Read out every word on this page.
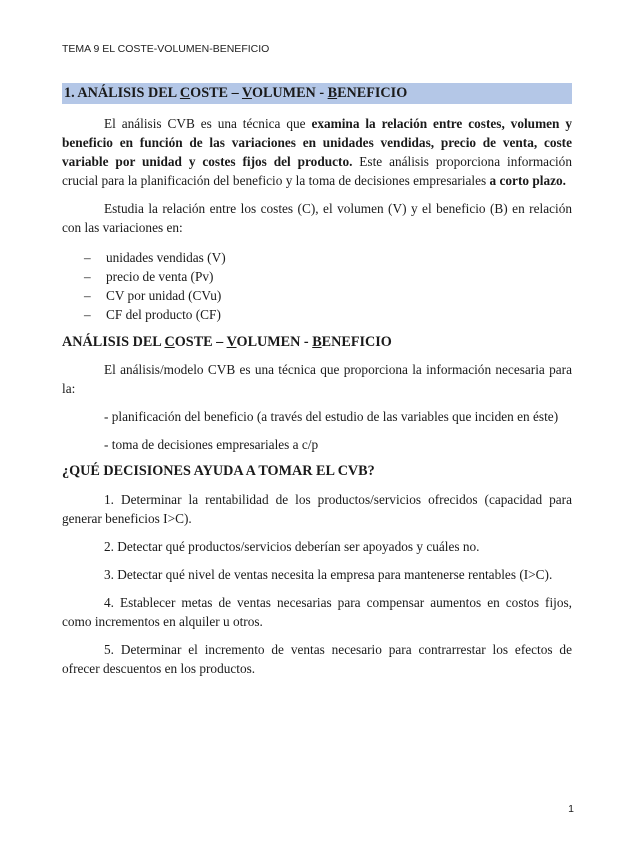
TEMA 9 EL COSTE-VOLUMEN-BENEFICIO
1. ANÁLISIS DEL COSTE – VOLUMEN - BENEFICIO

El análisis CVB es una técnica que examina la relación entre costes, volumen y beneficio en función de las variaciones en unidades vendidas, precio de venta, coste variable por unidad y costes fijos del producto. Este análisis proporciona información crucial para la planificación del beneficio y la toma de decisiones empresariales a corto plazo.

Estudia la relación entre los costes (C), el volumen (V) y el beneficio (B) en relación con las variaciones en:

– unidades vendidas (V)
– precio de venta (Pv)
– CV por unidad (CVu)
– CF del producto (CF)

ANÁLISIS DEL COSTE – VOLUMEN - BENEFICIO

El análisis/modelo CVB es una técnica que proporciona la información necesaria para la:

- planificación del beneficio (a través del estudio de las variables que inciden en éste)

- toma de decisiones empresariales a c/p

¿QUÉ DECISIONES AYUDA A TOMAR EL CVB?

1. Determinar la rentabilidad de los productos/servicios ofrecidos (capacidad para generar beneficios I>C).

2. Detectar qué productos/servicios deberían ser apoyados y cuáles no.

3. Detectar qué nivel de ventas necesita la empresa para mantenerse rentables (I>C).

4. Establecer metas de ventas necesarias para compensar aumentos en costos fijos, como incrementos en alquiler u otros.

5. Determinar el incremento de ventas necesario para contrarrestar los efectos de ofrecer descuentos en los productos.

1
